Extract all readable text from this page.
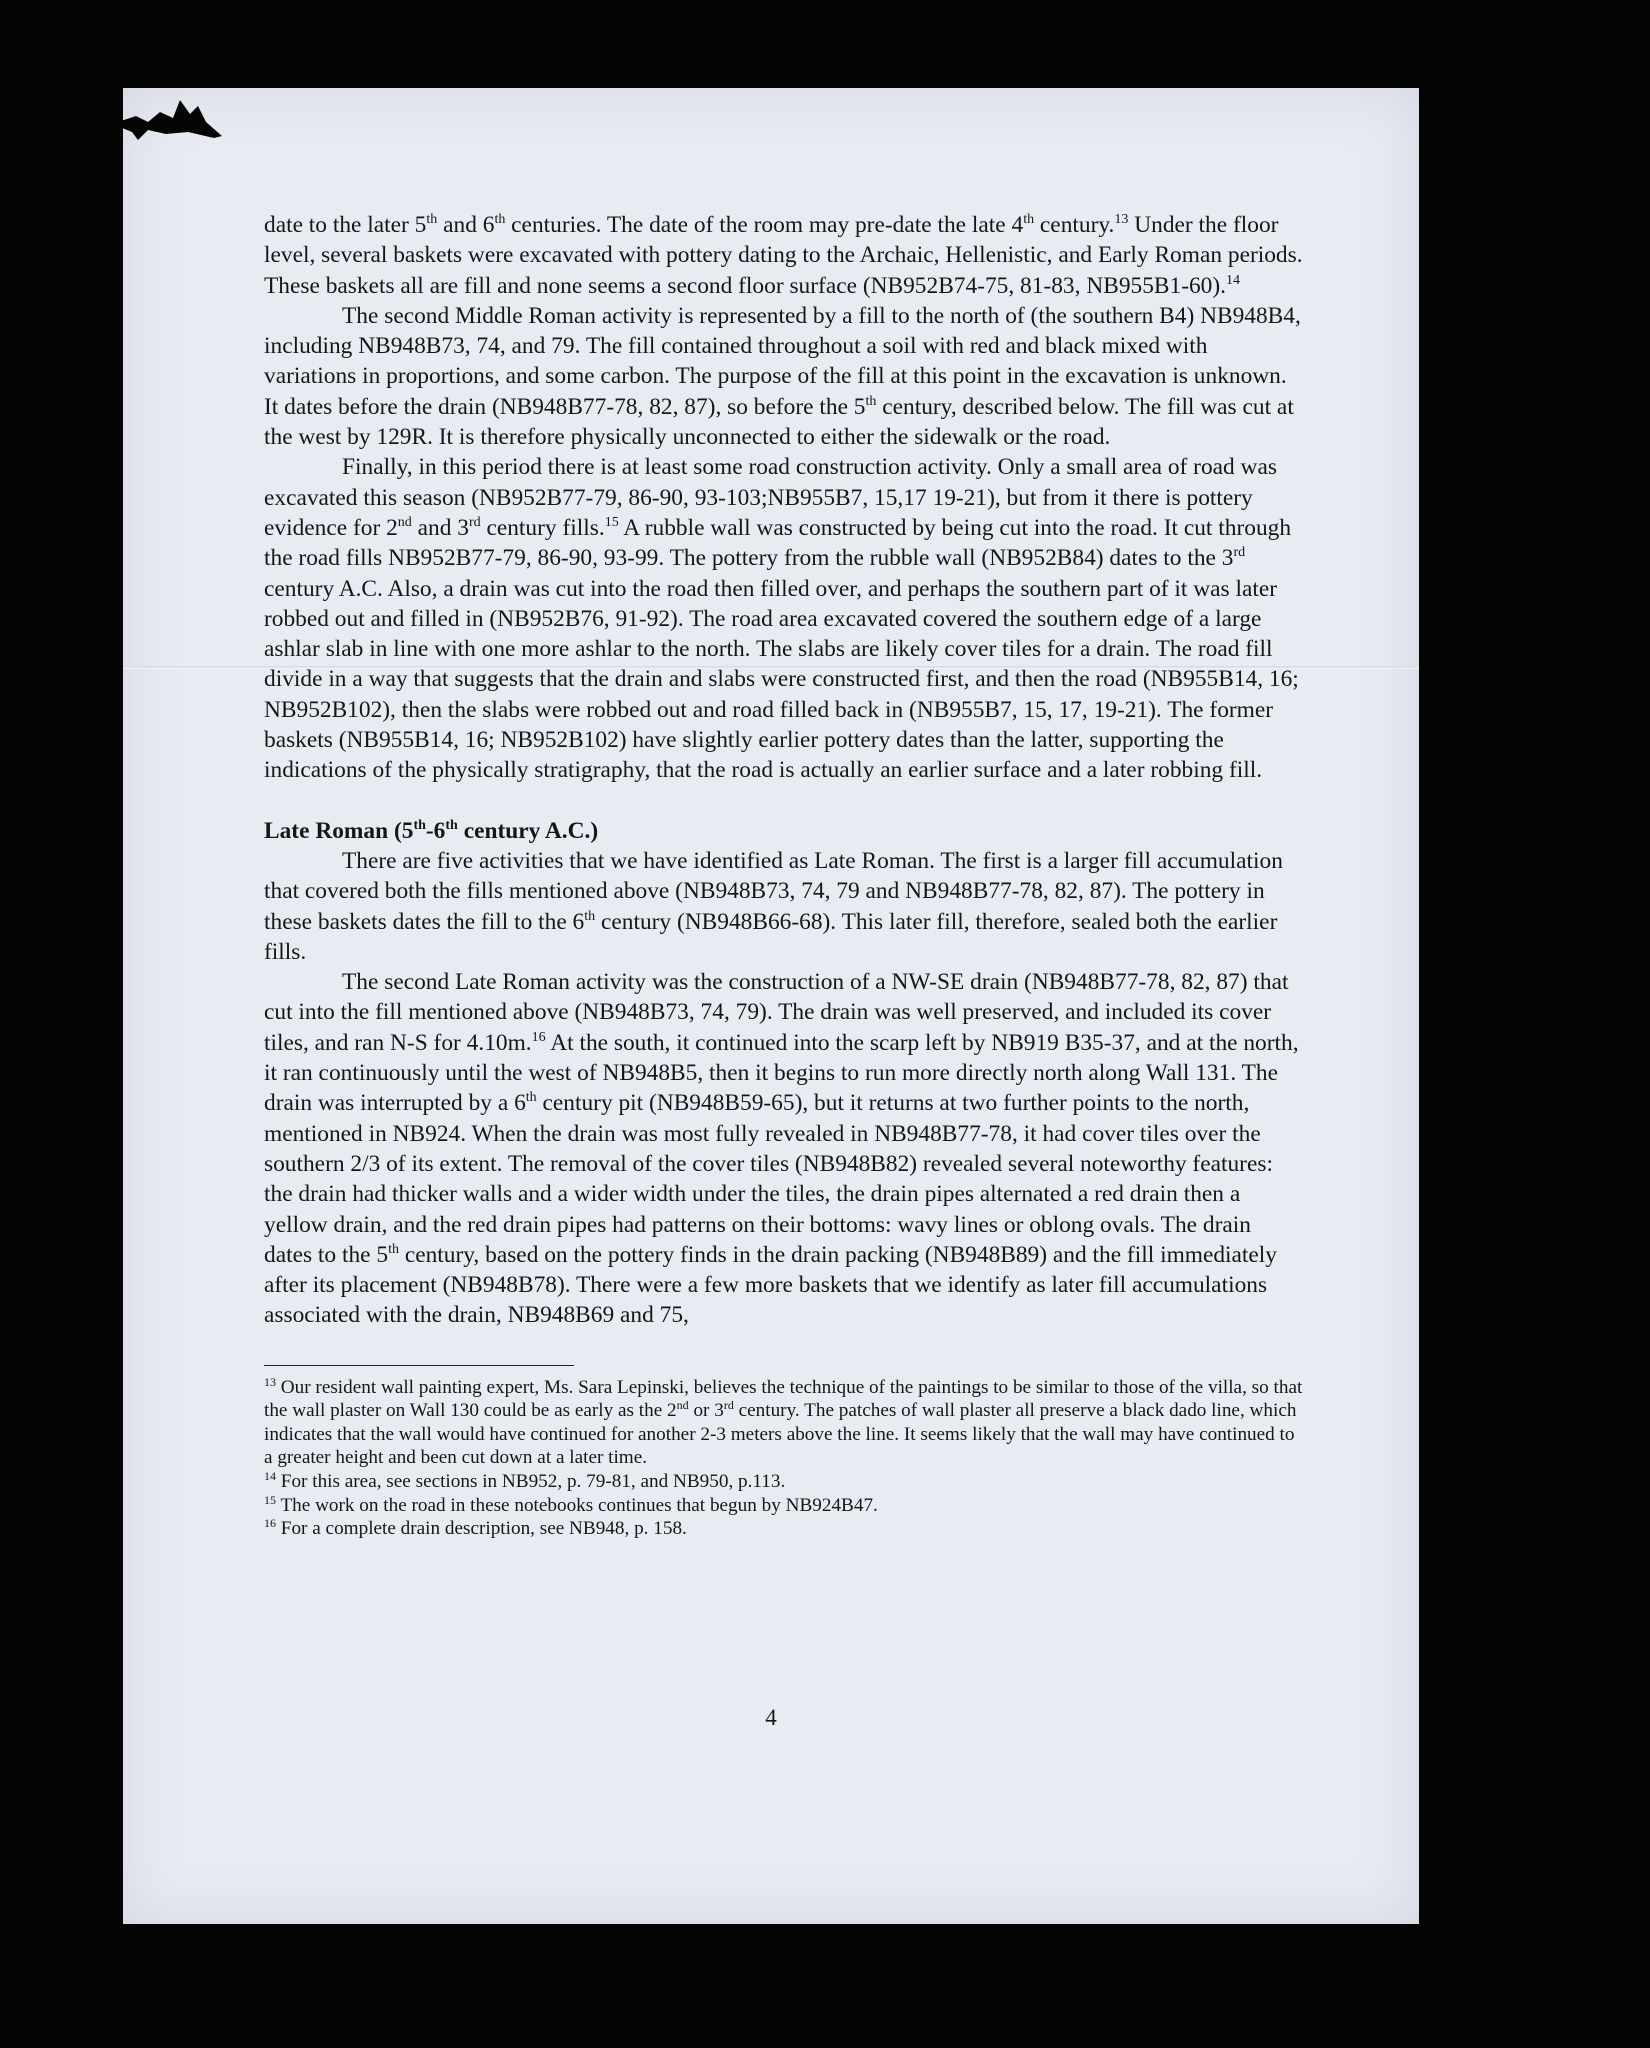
date to the later 5th and 6th centuries. The date of the room may pre-date the late 4th century.$^{13}$ Under the floor level, several baskets were excavated with pottery dating to the Archaic, Hellenistic, and Early Roman periods. These baskets all are fill and none seems a second floor surface (NB952B74-75, 81-83, NB955B1-60).$^{14}$

The second Middle Roman activity is represented by a fill to the north of (the southern B4) NB948B4, including NB948B73, 74, and 79. The fill contained throughout a soil with red and black mixed with variations in proportions, and some carbon. The purpose of the fill at this point in the excavation is unknown. It dates before the drain (NB948B77-78, 82, 87), so before the 5th century, described below. The fill was cut at the west by 129R. It is therefore physically unconnected to either the sidewalk or the road.

Finally, in this period there is at least some road construction activity. Only a small area of road was excavated this season (NB952B77-79, 86-90, 93-103;NB955B7, 15,17 19-21), but from it there is pottery evidence for 2nd and 3rd century fills.$^{15}$ A rubble wall was constructed by being cut into the road. It cut through the road fills NB952B77-79, 86-90, 93-99. The pottery from the rubble wall (NB952B84) dates to the 3rd century A.C. Also, a drain was cut into the road then filled over, and perhaps the southern part of it was later robbed out and filled in (NB952B76, 91-92). The road area excavated covered the southern edge of a large ashlar slab in line with one more ashlar to the north. The slabs are likely cover tiles for a drain. The road fill divide in a way that suggests that the drain and slabs were constructed first, and then the road (NB955B14, 16; NB952B102), then the slabs were robbed out and road filled back in (NB955B7, 15, 17, 19-21). The former baskets (NB955B14, 16; NB952B102) have slightly earlier pottery dates than the latter, supporting the indications of the physically stratigraphy, that the road is actually an earlier surface and a later robbing fill.

Late Roman (5th-6th century A.C.)

There are five activities that we have identified as Late Roman. The first is a larger fill accumulation that covered both the fills mentioned above (NB948B73, 74, 79 and NB948B77-78, 82, 87). The pottery in these baskets dates the fill to the 6th century (NB948B66-68). This later fill, therefore, sealed both the earlier fills.

The second Late Roman activity was the construction of a NW-SE drain (NB948B77-78, 82, 87) that cut into the fill mentioned above (NB948B73, 74, 79). The drain was well preserved, and included its cover tiles, and ran N-S for 4.10m.$^{16}$ At the south, it continued into the scarp left by NB919 B35-37, and at the north, it ran continuously until the west of NB948B5, then it begins to run more directly north along Wall 131. The drain was interrupted by a 6th century pit (NB948B59-65), but it returns at two further points to the north, mentioned in NB924. When the drain was most fully revealed in NB948B77-78, it had cover tiles over the southern 2/3 of its extent. The removal of the cover tiles (NB948B82) revealed several noteworthy features: the drain had thicker walls and a wider width under the tiles, the drain pipes alternated a red drain then a yellow drain, and the red drain pipes had patterns on their bottoms: wavy lines or oblong ovals. The drain dates to the 5th century, based on the pottery finds in the drain packing (NB948B89) and the fill immediately after its placement (NB948B78). There were a few more baskets that we identify as later fill accumulations associated with the drain, NB948B69 and 75,

$^{13}$ Our resident wall painting expert, Ms. Sara Lepinski, believes the technique of the paintings to be similar to those of the villa, so that the wall plaster on Wall 130 could be as early as the 2nd or 3rd century. The patches of wall plaster all preserve a black dado line, which indicates that the wall would have continued for another 2-3 meters above the line. It seems likely that the wall may have continued to a greater height and been cut down at a later time.

$^{14}$ For this area, see sections in NB952, p. 79-81, and NB950, p.113.

$^{15}$ The work on the road in these notebooks continues that begun by NB924B47.

$^{16}$ For a complete drain description, see NB948, p. 158.

4
